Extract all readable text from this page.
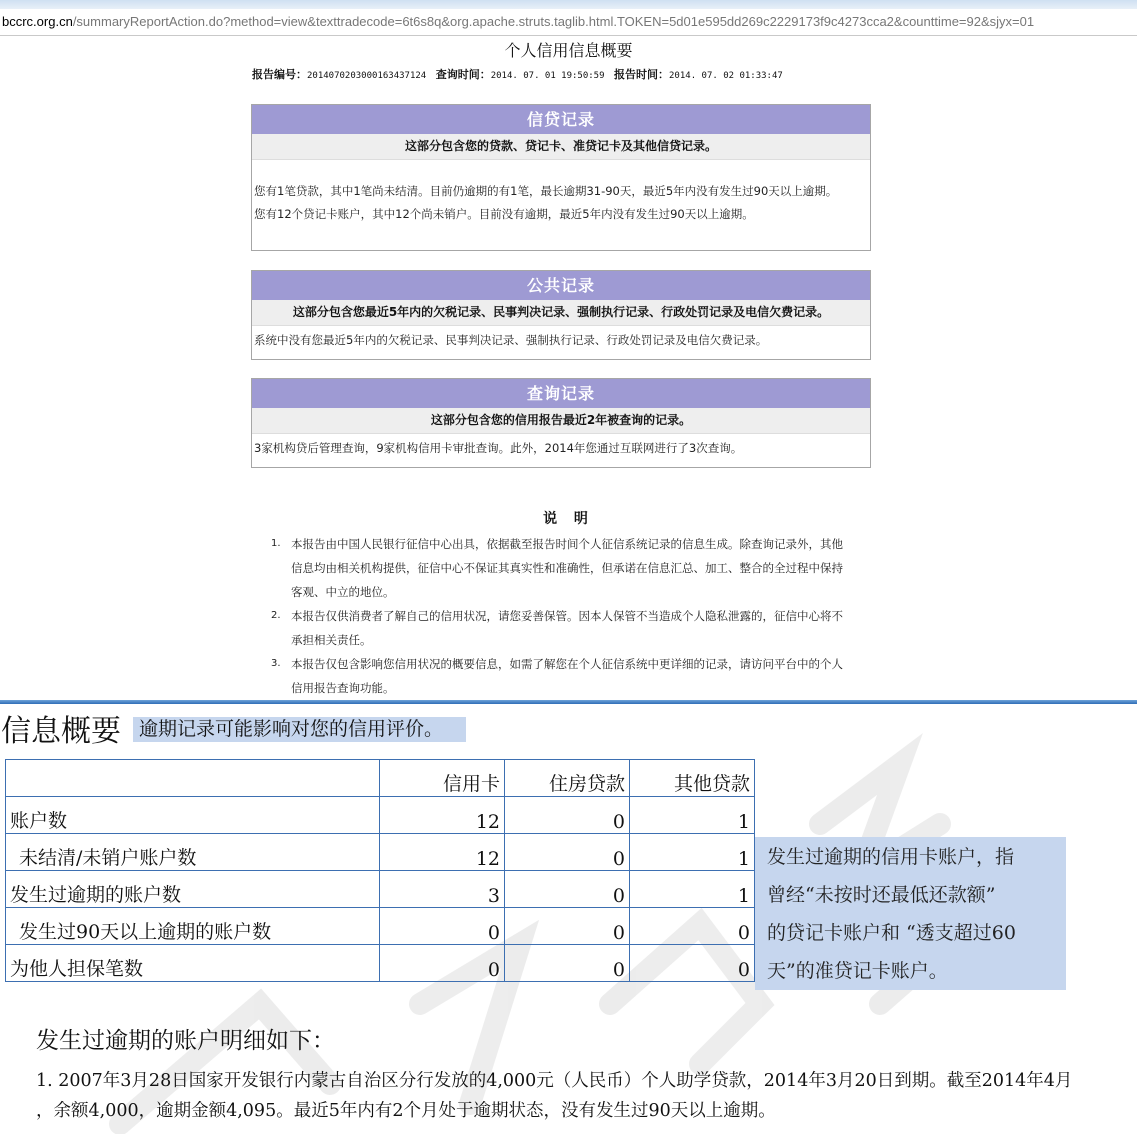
bccrc.org.cn/summaryReportAction.do?method=view&texttradecode=6t6s8q&org.apache.struts.taglib.html.TOKEN=5d01e595dd269c2229173f9c4273cca2&counttime=92&sjyx=01
个人信用信息概要
报告编号：2014070203000163437124 查询时间：2014. 07. 01 19:50:59 报告时间：2014. 07. 02 01:33:47
信贷记录
这部分包含您的贷款、贷记卡、准贷记卡及其他信贷记录。
您有1笔贷款，其中1笔尚未结清。目前仍逾期的有1笔，最长逾期31-90天，最近5年内没有发生过90天以上逾期。
您有12个贷记卡账户，其中12个尚未销户。目前没有逾期，最近5年内没有发生过90天以上逾期。
公共记录
这部分包含您最近5年内的欠税记录、民事判决记录、强制执行记录、行政处罚记录及电信欠费记录。
系统中没有您最近5年内的欠税记录、民事判决记录、强制执行记录、行政处罚记录及电信欠费记录。
查询记录
这部分包含您的信用报告最近2年被查询的记录。
3家机构贷后管理查询，9家机构信用卡审批查询。此外，2014年您通过互联网进行了3次查询。
说 明
1. 本报告由中国人民银行征信中心出具，依据截至报告时间个人征信系统记录的信息生成。除查询记录外，其他
信息均由相关机构提供，征信中心不保证其真实性和准确性，但承诺在信息汇总、加工、整合的全过程中保持
客观、中立的地位。
2. 本报告仅供消费者了解自己的信用状况，请您妥善保管。因本人保管不当造成个人隐私泄露的，征信中心将不
承担相关责任。
3. 本报告仅包含影响您信用状况的概要信息，如需了解您在个人征信系统中更详细的记录，请访问平台中的个人
信用报告查询功能。
信息概要 逾期记录可能影响对您的信用评价。
	信用卡	住房贷款	其他贷款
账户数	12	0	1
未结清/未销户账户数	12	0	1
发生过逾期的账户数	3	0	1
发生过90天以上逾期的账户数	0	0	0
为他人担保笔数	0	0	0
发生过逾期的信用卡账户，指
曾经“未按时还最低还款额”
的贷记卡账户和 “透支超过60
天”的准贷记卡账户。
发生过逾期的账户明细如下：
1. 2007年3月28日国家开发银行内蒙古自治区分行发放的4,000元（人民币）个人助学贷款，2014年3月20日到期。截至2014年4月
，余额4,000，逾期金额4,095。最近5年内有2个月处于逾期状态，没有发生过90天以上逾期。
